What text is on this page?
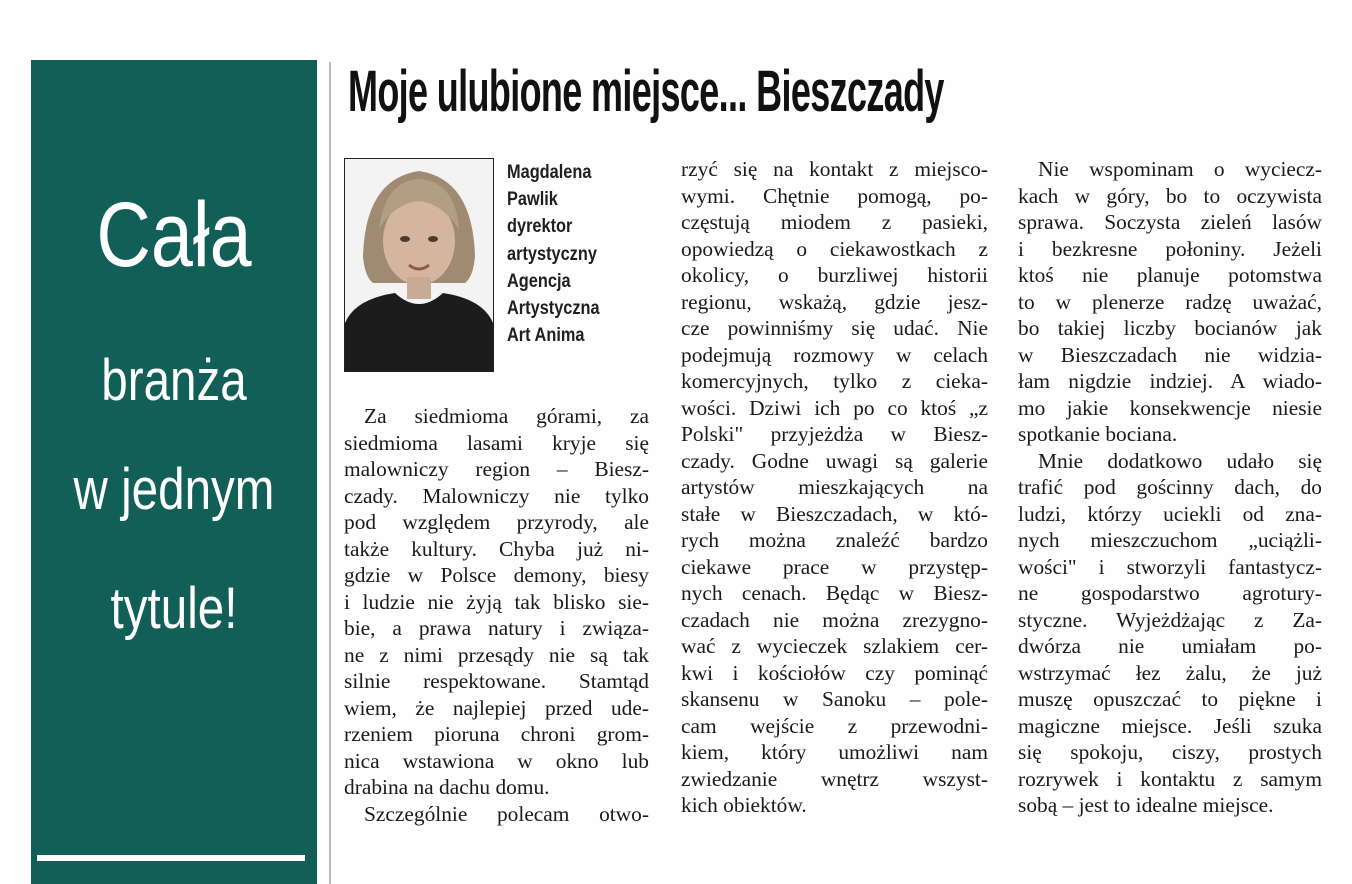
Cała
branża
w jednym
tytule!
Moje ulubione miejsce... Bieszczady
Magdalena
Pawlik
dyrektor
artystyczny
Agencja
Artystyczna
Art Anima
Za siedmioma górami, za
siedmioma lasami kryje się
malowniczy region – Biesz-
czady. Malowniczy nie tylko
pod względem przyrody, ale
także kultury. Chyba już ni-
gdzie w Polsce demony, biesy
i ludzie nie żyją tak blisko sie-
bie, a prawa natury i związa-
ne z nimi przesądy nie są tak
silnie respektowane. Stamtąd
wiem, że najlepiej przed ude-
rzeniem pioruna chroni grom-
nica wstawiona w okno lub
drabina na dachu domu.
Szczególnie polecam otwo-
rzyć się na kontakt z miejsco-
wymi. Chętnie pomogą, po-
częstują miodem z pasieki,
opowiedzą o ciekawostkach z
okolicy, o burzliwej historii
regionu, wskażą, gdzie jesz-
cze powinniśmy się udać. Nie
podejmują rozmowy w celach
komercyjnych, tylko z cieka-
wości. Dziwi ich po co ktoś „z
Polski" przyjeżdża w Biesz-
czady. Godne uwagi są galerie
artystów mieszkających na
stałe w Bieszczadach, w któ-
rych można znaleźć bardzo
ciekawe prace w przystęp-
nych cenach. Będąc w Biesz-
czadach nie można zrezygno-
wać z wycieczek szlakiem cer-
kwi i kościołów czy pominąć
skansenu w Sanoku – pole-
cam wejście z przewodni-
kiem, który umożliwi nam
zwiedzanie wnętrz wszyst-
kich obiektów.
Nie wspominam o wyciecz-
kach w góry, bo to oczywista
sprawa. Soczysta zieleń lasów
i bezkresne połoniny. Jeżeli
ktoś nie planuje potomstwa
to w plenerze radzę uważać,
bo takiej liczby bocianów jak
w Bieszczadach nie widzia-
łam nigdzie indziej. A wiado-
mo jakie konsekwencje niesie
spotkanie bociana.
Mnie dodatkowo udało się
trafić pod gościnny dach, do
ludzi, którzy uciekli od zna-
nych mieszczuchom „uciążli-
wości" i stworzyli fantastycz-
ne gospodarstwo agrotury-
styczne. Wyjeżdżając z Za-
dwórza nie umiałam po-
wstrzymać łez żalu, że już
muszę opuszczać to piękne i
magiczne miejsce. Jeśli szuka
się spokoju, ciszy, prostych
rozrywek i kontaktu z samym
sobą – jest to idealne miejsce.
